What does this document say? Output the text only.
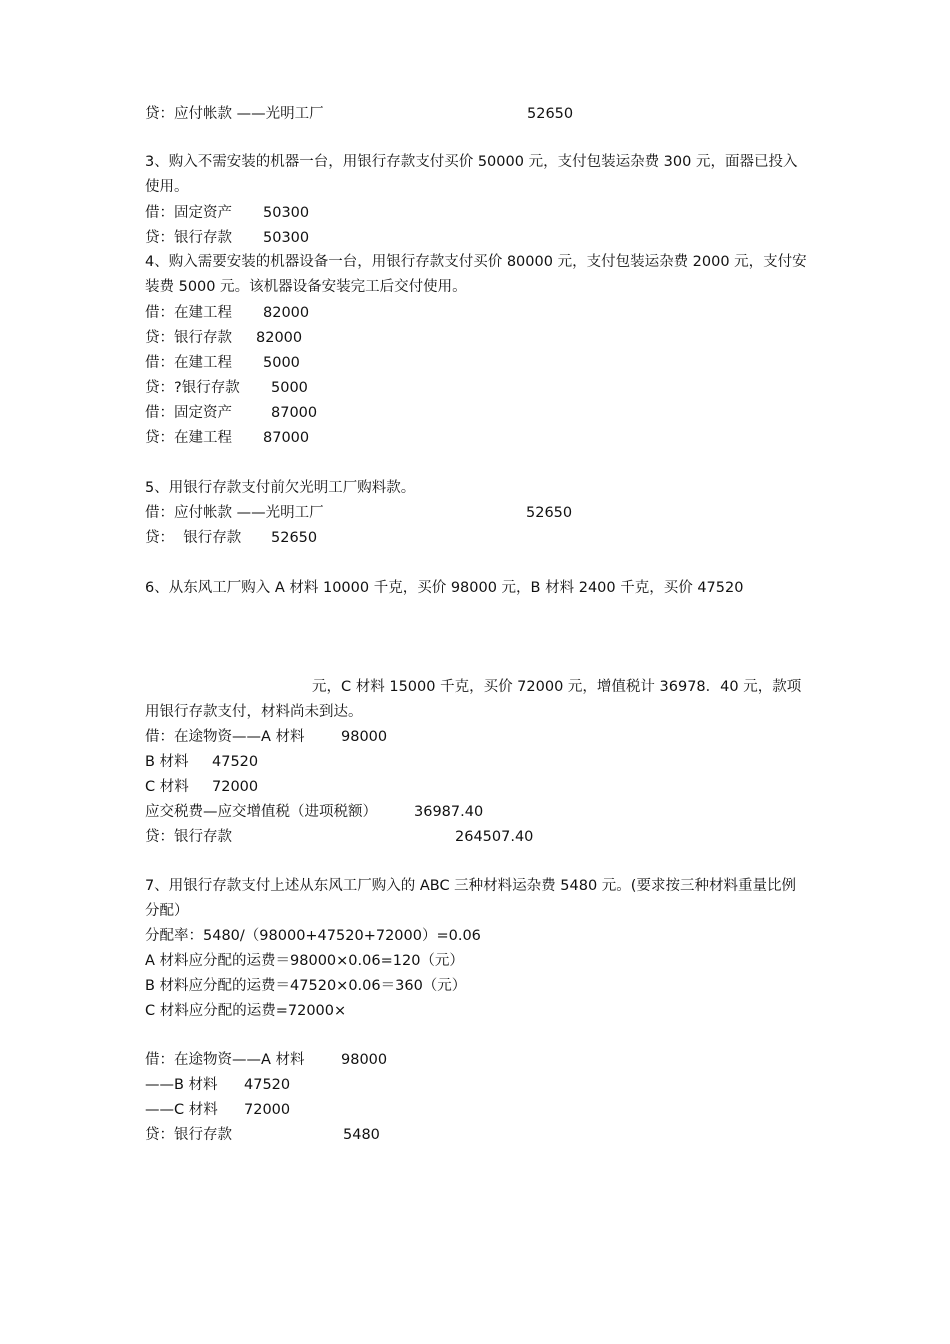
贷：应付帐款 ——光明工厂	52650
3、购入不需安装的机器一台，用银行存款支付买价 50000 元，支付包装运杂费 300 元，面器已投入使用。
借：固定资产 50300
贷：银行存款 50300
4、购入需要安装的机器设备一台，用银行存款支付买价 80000 元，支付包装运杂费 2000 元，支付安装费 5000 元。该机器设备安装完工后交付使用。
借：在建工程 82000
贷：银行存款 82000
借：在建工程 5000
贷：?银行存款 5000
借：固定资产	87000
贷：在建工程 87000
5、用银行存款支付前欠光明工厂购料款。
借：应付帐款 ——光明工厂	52650
贷：  银行存款 52650
6、从东风工厂购入 A 材料 10000 千克，买价 98000 元，B 材料 2400 千克，买价 47520
元，C 材料 15000 千克，买价 72000 元，增值税计 36978．40 元，款项
用银行存款支付，材料尚未到达。
借：在途物资——A 材料	98000
B 材料 47520
C 材料 72000
应交税费—应交增值税（进项税额）	36987.40
贷：银行存款	264507.40
7、用银行存款支付上述从东风工厂购入的 ABC 三种材料运杂费 5480 元。(要求按三种材料重量比例分配）
分配率：5480/（98000+47520+72000）=0.06
A 材料应分配的运费＝98000×0.06=120（元）
B 材料应分配的运费＝47520×0.06＝360（元）
C 材料应分配的运费=72000×
借：在途物资——A 材料	98000
——B 材料 47520
——C 材料 72000
贷：银行存款	5480
